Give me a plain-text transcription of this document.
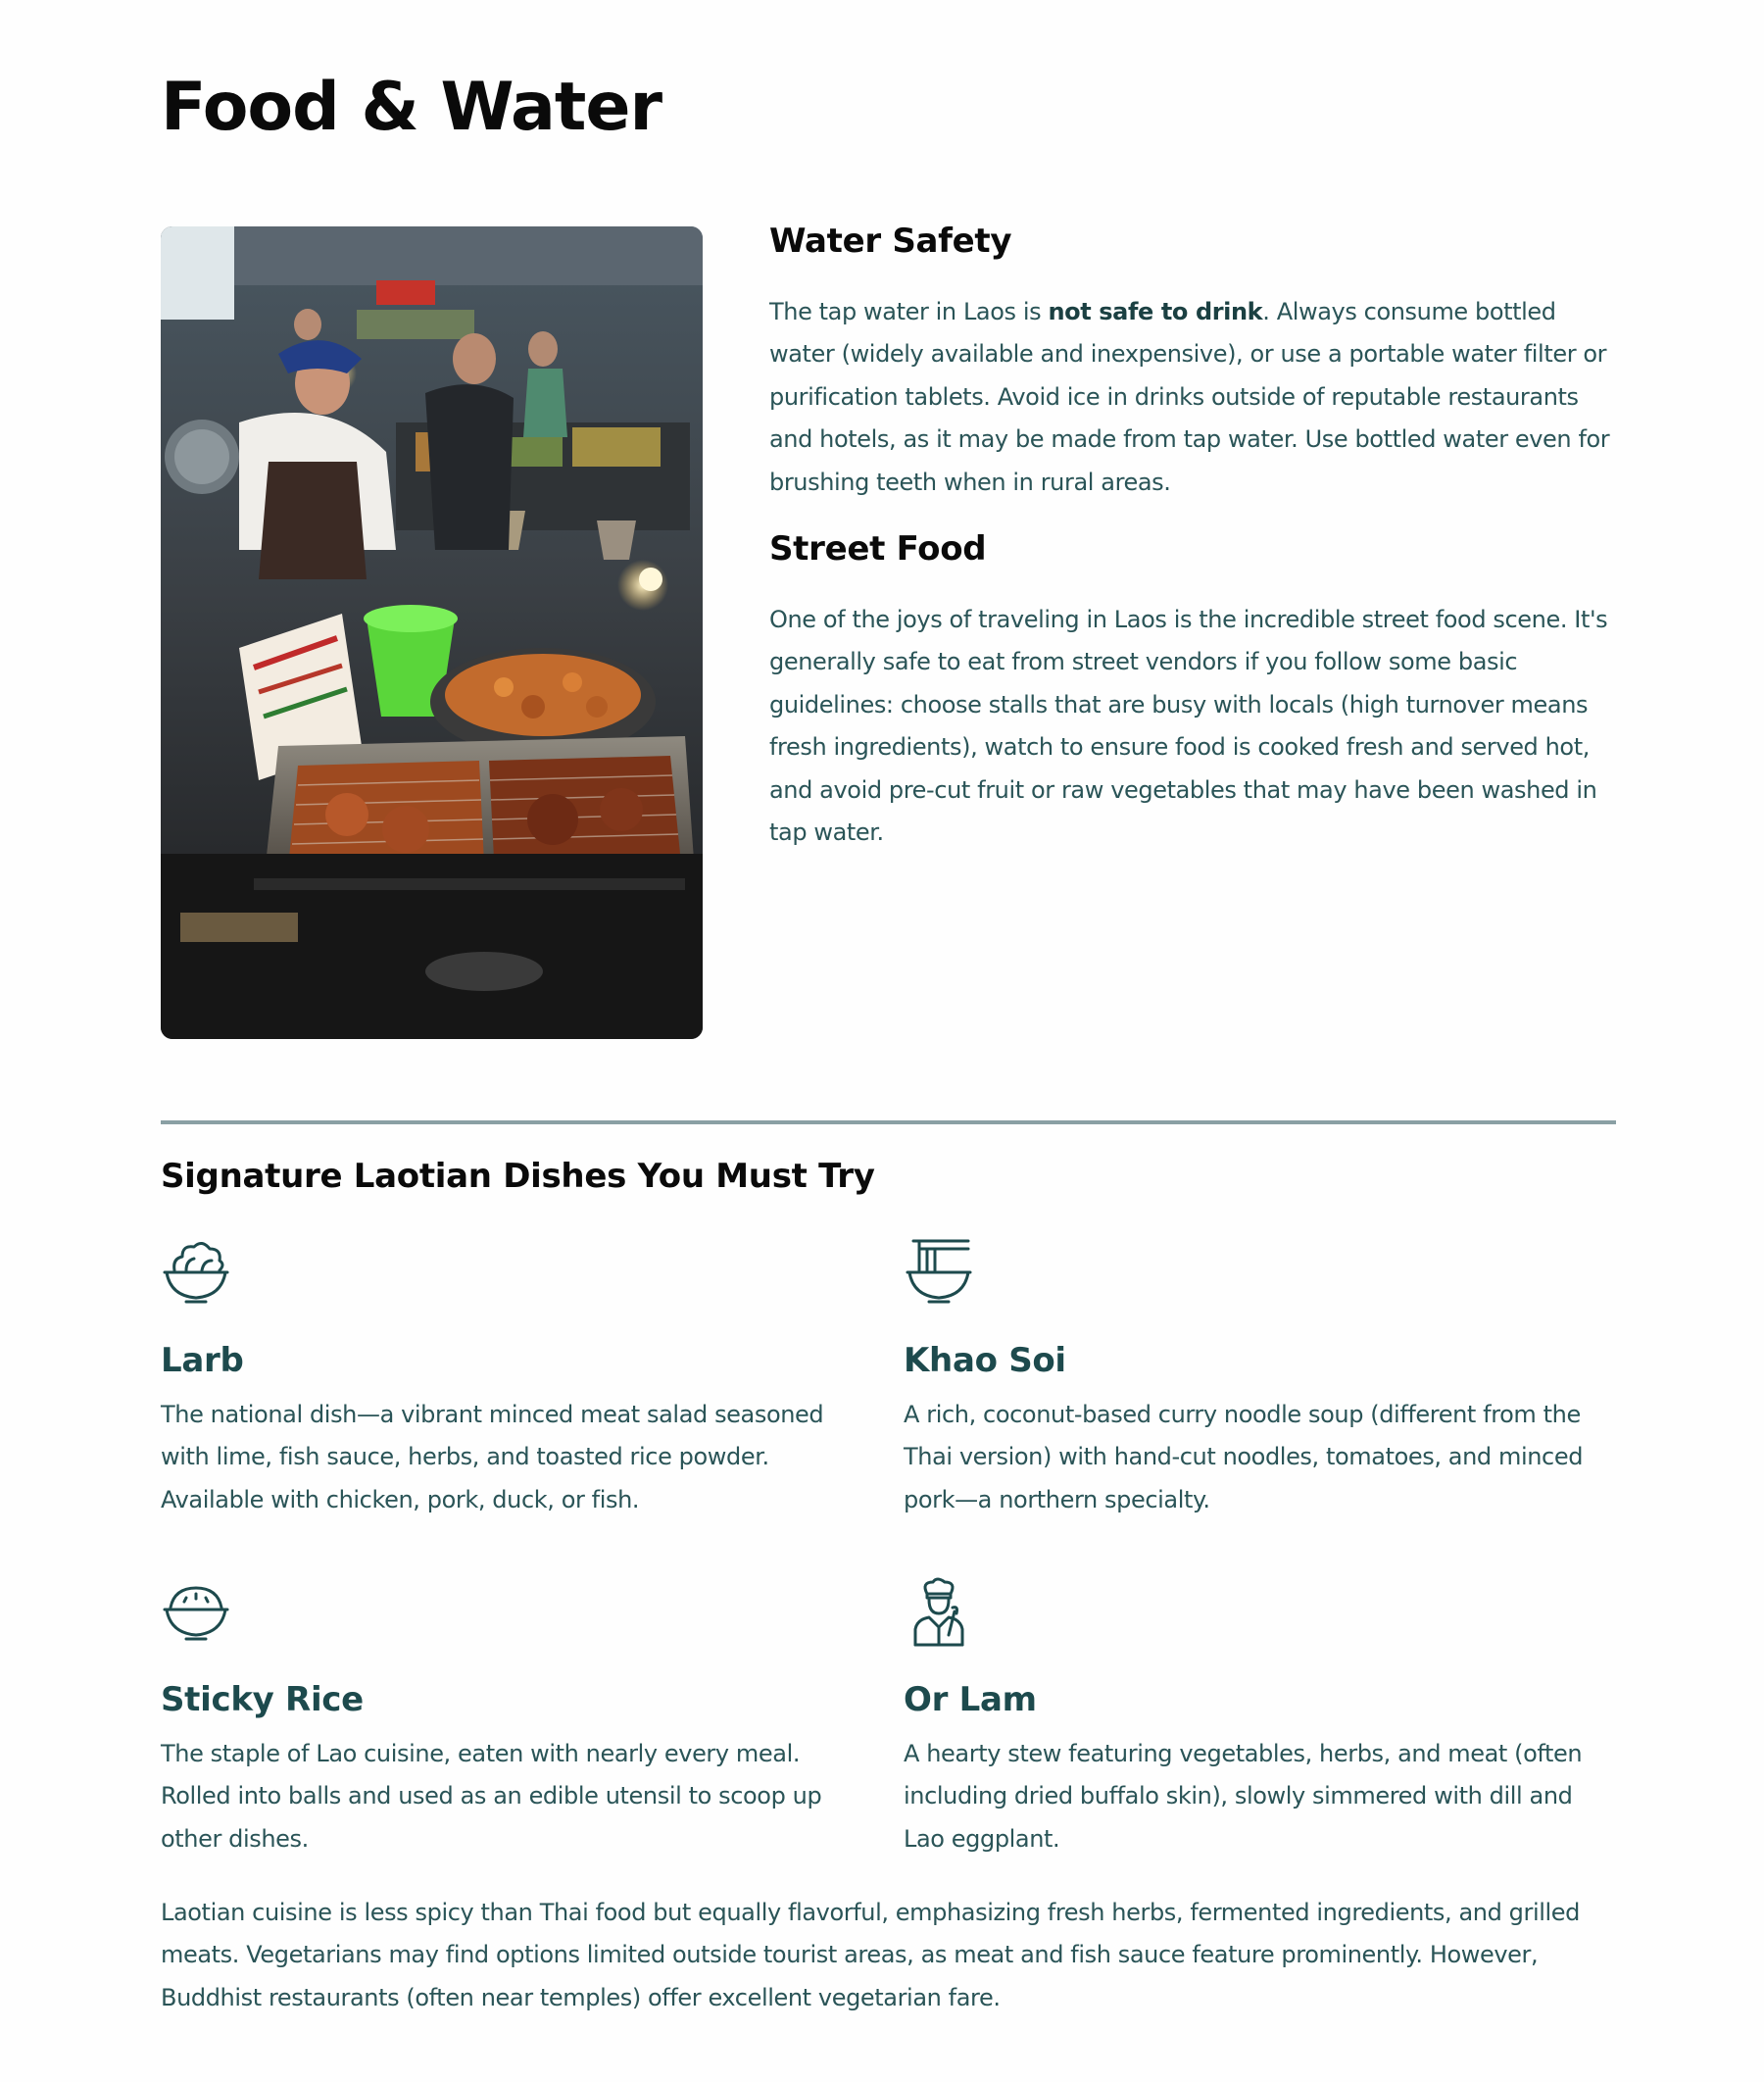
Food & Water
Water Safety

The tap water in Laos is not safe to drink. Always consume bottled water (widely available and inexpensive), or use a portable water filter or purification tablets. Avoid ice in drinks outside of reputable restaurants and hotels, as it may be made from tap water. Use bottled water even for brushing teeth when in rural areas.

Street Food

One of the joys of traveling in Laos is the incredible street food scene. It's generally safe to eat from street vendors if you follow some basic guidelines: choose stalls that are busy with locals (high turnover means fresh ingredients), watch to ensure food is cooked fresh and served hot, and avoid pre-cut fruit or raw vegetables that may have been washed in tap water.

Signature Laotian Dishes You Must Try
Larb

The national dish—a vibrant minced meat salad seasoned with lime, fish sauce, herbs, and toasted rice powder. Available with chicken, pork, duck, or fish.

Khao Soi

A rich, coconut-based curry noodle soup (different from the Thai version) with hand-cut noodles, tomatoes, and minced pork—a northern specialty.

Sticky Rice

The staple of Lao cuisine, eaten with nearly every meal. Rolled into balls and used as an edible utensil to scoop up other dishes.

Or Lam

A hearty stew featuring vegetables, herbs, and meat (often including dried buffalo skin), slowly simmered with dill and Lao eggplant.

Laotian cuisine is less spicy than Thai food but equally flavorful, emphasizing fresh herbs, fermented ingredients, and grilled meats. Vegetarians may find options limited outside tourist areas, as meat and fish sauce feature prominently. However, Buddhist restaurants (often near temples) offer excellent vegetarian fare.
